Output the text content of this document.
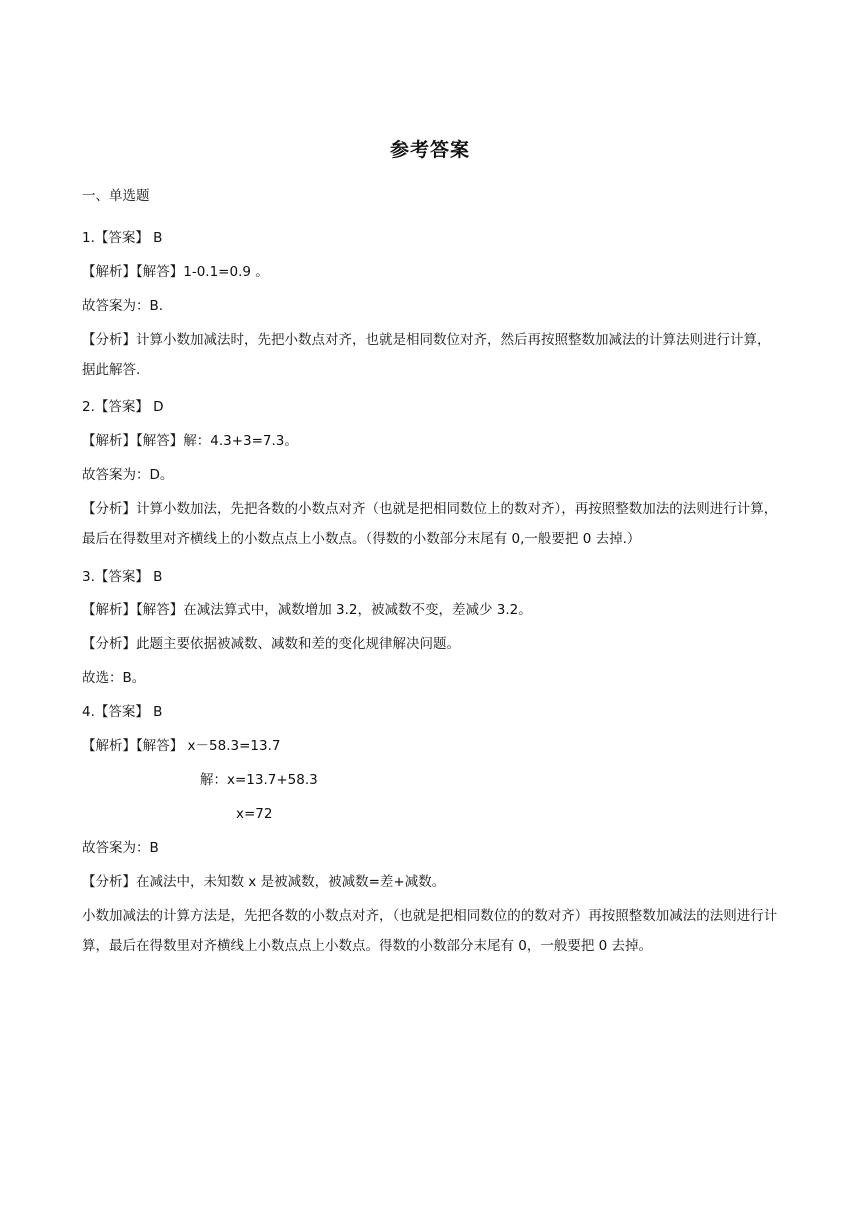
参考答案
一、单选题
1.【答案】 B
【解析】【解答】1-0.1=0.9 。
故答案为：B.
【分析】计算小数加减法时，先把小数点对齐，也就是相同数位对齐，然后再按照整数加减法的计算法则进行计算，据此解答.
2.【答案】 D
【解析】【解答】解：4.3+3=7.3。
故答案为：D。
【分析】计算小数加法，先把各数的小数点对齐（也就是把相同数位上的数对齐），再按照整数加法的法则进行计算，最后在得数里对齐横线上的小数点点上小数点。（得数的小数部分末尾有 0,一般要把 0 去掉.）
3.【答案】 B
【解析】【解答】在减法算式中，减数增加 3.2，被减数不变，差减少 3.2。
【分析】此题主要依据被减数、减数和差的变化规律解决问题。
故选：B。
4.【答案】 B
【解析】【解答】 x－58.3=13.7
解：x=13.7+58.3
x=72
故答案为：B
【分析】在减法中，未知数 x 是被减数，被减数=差+减数。
小数加减法的计算方法是，先把各数的小数点对齐，（也就是把相同数位的的数对齐）再按照整数加减法的法则进行计算，最后在得数里对齐横线上小数点点上小数点。得数的小数部分末尾有 0，一般要把 0 去掉。
